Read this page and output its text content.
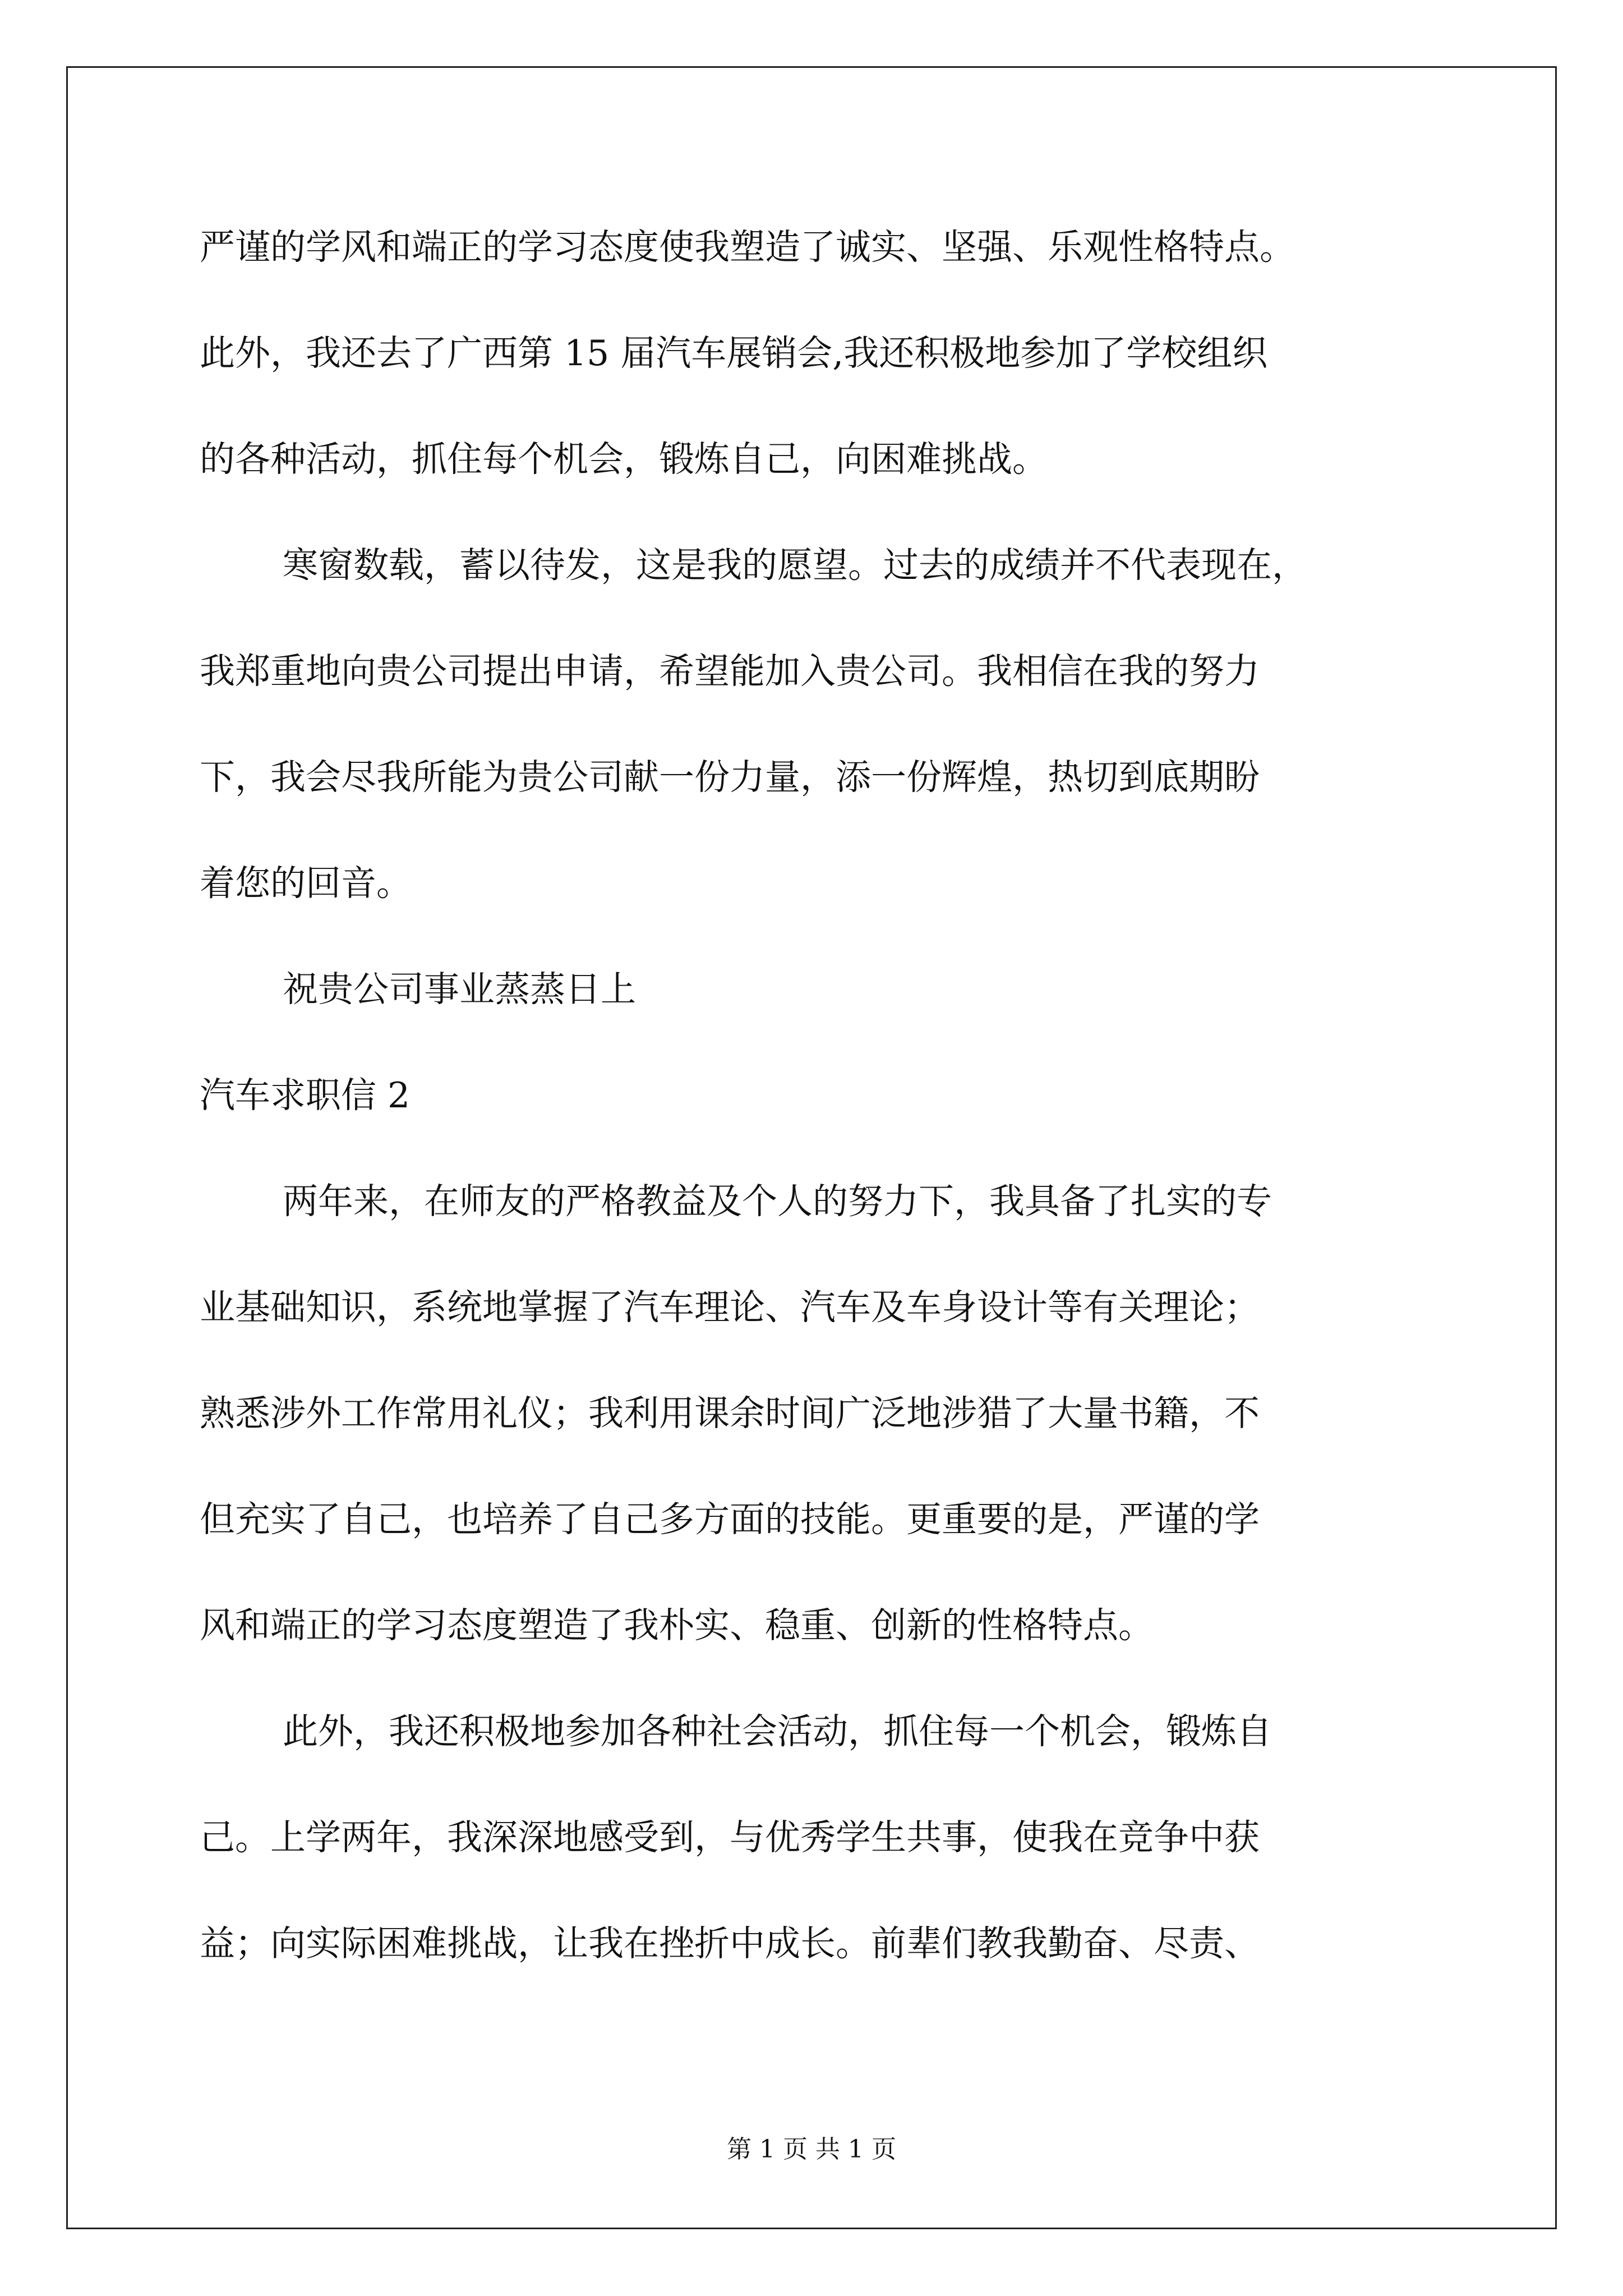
严谨的学风和端正的学习态度使我塑造了诚实、坚强、乐观性格特点。
此外，我还去了广西第 15 届汽车展销会,我还积极地参加了学校组织
的各种活动，抓住每个机会，锻炼自己，向困难挑战。
寒窗数载，蓄以待发，这是我的愿望。过去的成绩并不代表现在，
我郑重地向贵公司提出申请，希望能加入贵公司。我相信在我的努力
下，我会尽我所能为贵公司献一份力量，添一份辉煌，热切到底期盼
着您的回音。
祝贵公司事业蒸蒸日上
汽车求职信 2
两年来，在师友的严格教益及个人的努力下，我具备了扎实的专
业基础知识，系统地掌握了汽车理论、汽车及车身设计等有关理论；
熟悉涉外工作常用礼仪；我利用课余时间广泛地涉猎了大量书籍，不
但充实了自己，也培养了自己多方面的技能。更重要的是，严谨的学
风和端正的学习态度塑造了我朴实、稳重、创新的性格特点。
此外，我还积极地参加各种社会活动，抓住每一个机会，锻炼自
己。上学两年，我深深地感受到，与优秀学生共事，使我在竞争中获
益；向实际困难挑战，让我在挫折中成长。前辈们教我勤奋、尽责、
第 1 页 共 1 页
